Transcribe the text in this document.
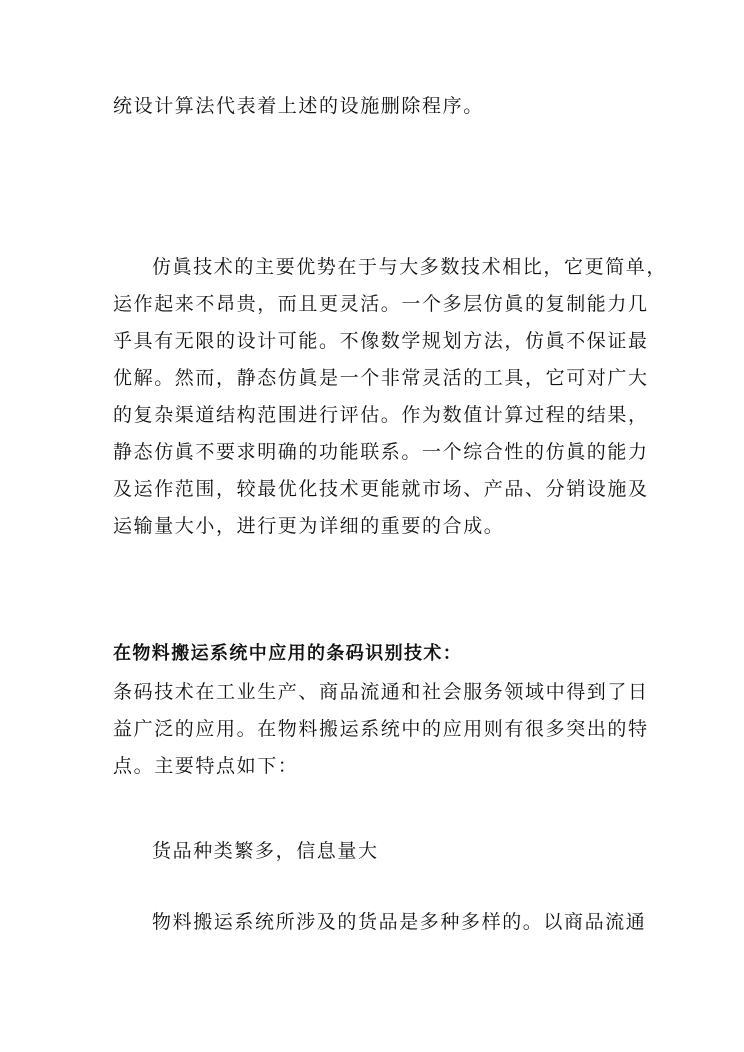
统设计算法代表着上述的设施删除程序。
仿眞技术的主要优势在于与大多数技术相比，它更简单，
运作起来不昂贵，而且更灵活。一个多层仿眞的复制能力几
乎具有无限的设计可能。不像数学规划方法，仿眞不保证最
优解。然而，静态仿眞是一个非常灵活的工具，它可对广大
的复杂渠道结构范围进行评估。作为数值计算过程的结果，
静态仿眞不要求明确的功能联系。一个综合性的仿眞的能力
及运作范围，较最优化技术更能就市场、产品、分销设施及
运输量大小，进行更为详细的重要的合成。
在物料搬运系统中应用的条码识别技术：
条码技术在工业生产、商品流通和社会服务领域中得到了日
益广泛的应用。在物料搬运系统中的应用则有很多突出的特
点。主要特点如下：
货品种类繁多，信息量大
物料搬运系统所涉及的货品是多种多样的。以商品流通
